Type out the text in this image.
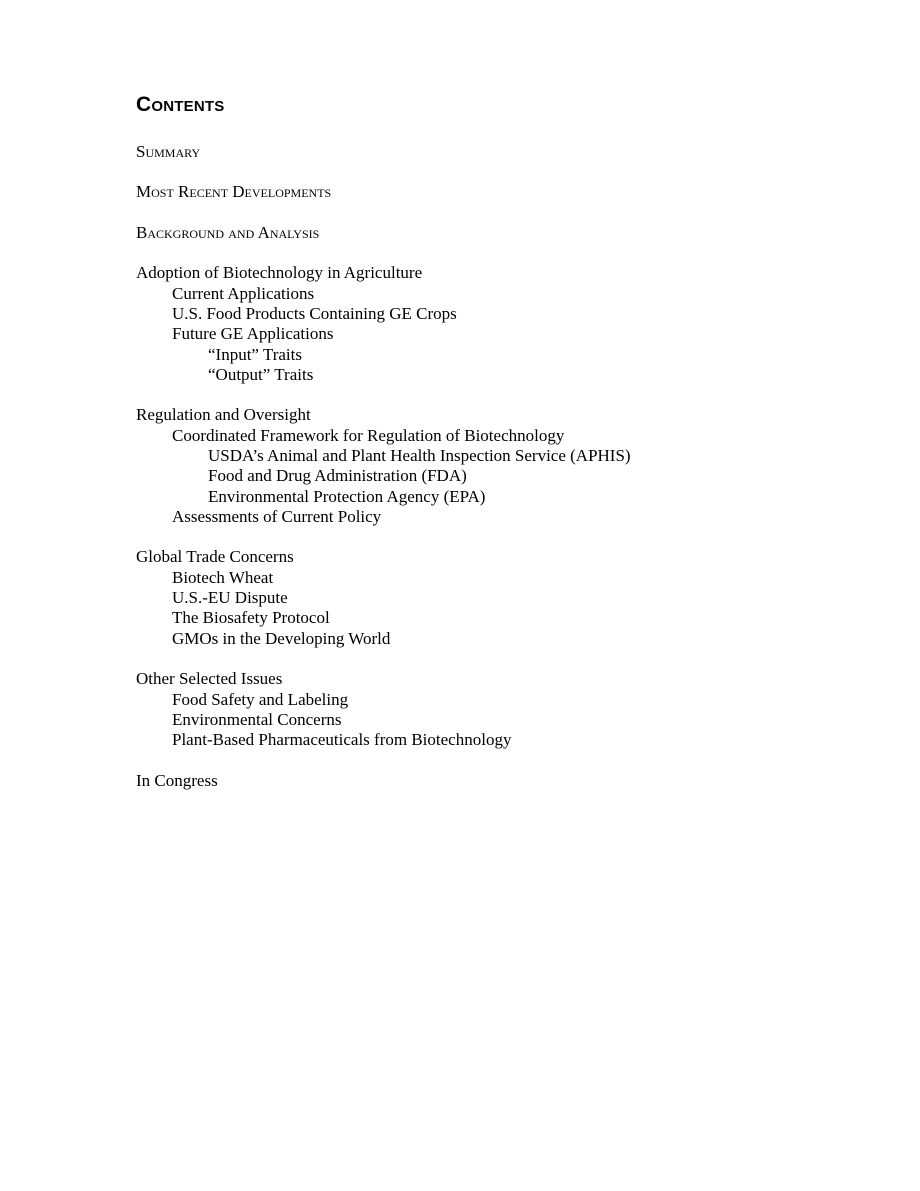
Contents
Summary
Most Recent Developments
Background and Analysis
Adoption of Biotechnology in Agriculture
Current Applications
U.S. Food Products Containing GE Crops
Future GE Applications
“Input” Traits
“Output” Traits
Regulation and Oversight
Coordinated Framework for Regulation of Biotechnology
USDA’s Animal and Plant Health Inspection Service (APHIS)
Food and Drug Administration (FDA)
Environmental Protection Agency (EPA)
Assessments of Current Policy
Global Trade Concerns
Biotech Wheat
U.S.-EU Dispute
The Biosafety Protocol
GMOs in the Developing World
Other Selected Issues
Food Safety and Labeling
Environmental Concerns
Plant-Based Pharmaceuticals from Biotechnology
In Congress
